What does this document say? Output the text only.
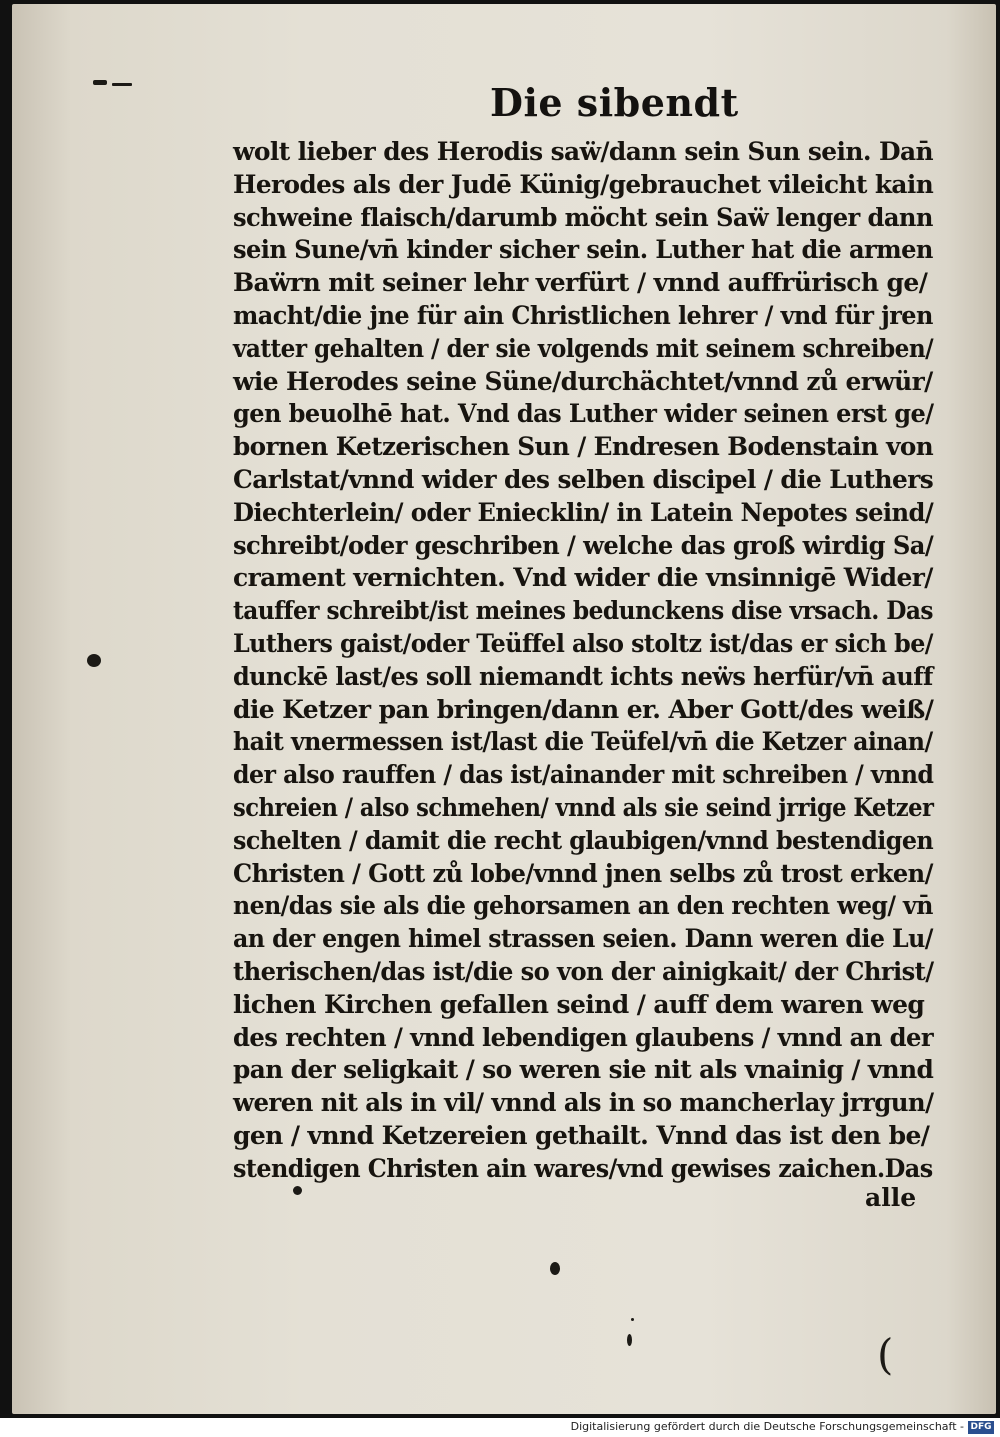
Die sibendt
wolt lieber des Herodis saẅ/dann sein Sun sein. Dan̄
Herodes als der Judē Künig/gebrauchet vileicht kain
schweine flaisch/darumb möcht sein Saẅ lenger dann
sein Sune/vn̄ kinder sicher sein. Luther hat die armen
Baẅrn mit seiner lehr verfürt / vnnd auffrürisch ge/
macht/die jne für ain Christlichen lehrer / vnd für jren
vatter gehalten / der sie volgends mit seinem schreiben/
wie Herodes seine Süne/durchächtet/vnnd zů erwür/
gen beuolhē hat. Vnd das Luther wider seinen erst ge/
bornen Ketzerischen Sun / Endresen Bodenstain von
Carlstat/vnnd wider des selben discipel / die Luthers
Diechterlein/ oder Eniecklin/ in Latein Nepotes seind/
schreibt/oder geschriben / welche das groß wirdig Sa/
crament vernichten. Vnd wider die vnsinnigē Wider/
tauffer schreibt/ist meines bedunckens dise vrsach. Das
Luthers gaist/oder Teüffel also stoltz ist/das er sich be/
dunckē last/es soll niemandt ichts neẅs herfür/vn̄ auff
die Ketzer pan bringen/dann er. Aber Gott/des weiß/
hait vnermessen ist/last die Teüfel/vn̄ die Ketzer ainan/
der also rauffen / das ist/ainander mit schreiben / vnnd
schreien / also schmehen/ vnnd als sie seind jrrige Ketzer
schelten / damit die recht glaubigen/vnnd bestendigen
Christen / Gott zů lobe/vnnd jnen selbs zů trost erken/
nen/das sie als die gehorsamen an den rechten weg/ vn̄
an der engen himel strassen seien. Dann weren die Lu/
therischen/das ist/die so von der ainigkait/ der Christ/
lichen Kirchen gefallen seind / auff dem waren weg
des rechten / vnnd lebendigen glaubens / vnnd an der
pan der seligkait / so weren sie nit als vnainig / vnnd
weren nit als in vil/ vnnd als in so mancherlay jrrgun/
gen / vnnd Ketzereien gethailt. Vnnd das ist den be/
stendigen Christen ain wares/vnd gewises zaichen.Das
alle
(
Digitalisierung gefördert durch die Deutsche Forschungsgemeinschaft - DFG
